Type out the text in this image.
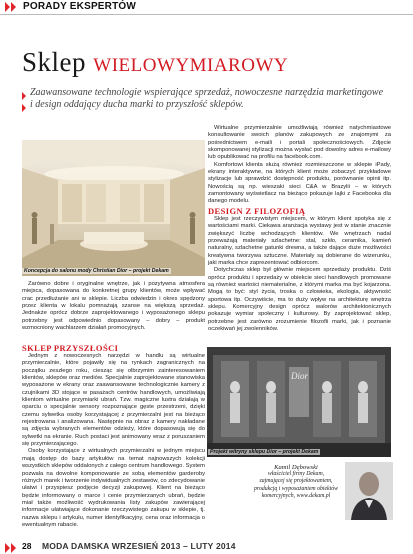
PORADY EKSPERTÓW
Sklep wielowymiarowy
Zaawansowane technologie wspierające sprzedaż, nowoczesne narzędzia marketingowe
i design oddający ducha marki to przyszłość sklepów.
Koncepcja do salonu mody Christian Dior – projekt Dekam

Zarówno dobre i oryginalne wnętrze, jak i pozytywna atmosfera miejsca, dopasowana do konkretnej grupy klientów, może wpływać crac przedłużanie ani w sklepie. Liczba odwiedzin i okres spędzony przez klienta w lokalu pomnażają szanse na większą sprzedaż. Jednakże oprócz dobrze zaprojektowanego i wyposażonego sklepu potrzebny jest odpowiednio dopasowany – dobry – produkt wzmocniony wachlarzem działań promocyjnych.

SKLEP PRZYSZŁOŚCI

Jednym z nowoczesnych narzędzi w handlu są wirtualne przymierzalnie, które pojawiły się na rynkach zagranicznych na początku zeszłego roku, ciesząc się olbrzymim zainteresowaniem klientów, sklepów oraz mediów. Specjalnie zaprojektowane stanowiska wyposażone w ekrany oraz zaawansowane technologicznie kamery z czujnikami 3D stojące w pasażach centrów handlowych, umożliwiają klientom wirtualne przymiarki ubrań. Tzw. magiczne lustra działają w oparciu o specjalnie sensory rozpoznające gęste przestrzeni, dzięki czemu sylwetka osoby korzystającej z przymierzalni jest na bieżąco rejestrowana i analizowana. Następnie na obraz z kamery nakładane są zdjęcia wybranych elementów odzieży, które dopasowują się do sylwetki na ekranie. Ruch postaci jest animowany wraz z poruszaniem się przymierzającego.

Osoby korzystające z wirtualnych przymierzalni w jednym miejscu mają dostęp do bazy artykułów na temat najnowszych kolekcji wszystkich sklepów oddalonych z całego centrum handlowego. System pozwala na dowolne komponowanie ze sobą elementów garderoby różnych marek i tworzenie indywidualnych zestawów, co zdecydowanie ułatwi i przyspiesz podjęcie decyzji zakupowej. Klient na bieżąco będzie informowany o marce i cenie przymierzanych ubrań, będzie miał także możliwość wydrukowania listy zakupów zawierającej informacje ułatwiające dokonanie rzeczywistego zakupu w sklepie, tj. nazwa sklepu i artykułu, numer identyfikacyjny, cena oraz informacja o ewentualnym rabacie.

Wirtualne przymierzalnie umożliwiają również natychmiastowe konsultowanie swoich planów zakupowych ze znajomymi za pośrednictwem e-maili i portali społecznościowych. Zdjęcie skomponowanej stylizacji można wysłać pod dowolny adres e-mailowy lub opublikować na profilu na facebook.com.

Komfortowi klienta służą również rozmieszczone w sklepie iPady, ekrany interaktywne, na których klient może zobaczyć przykładowe stylizacje lub sprawdzić dostępność produktu, porównanie opinii itp. Nowością są np. wieszaki sieci C&A w Brazylii – w których zamontowany wyświetlacz na bieżąco pokazuje lajki z Facebooka dla danego modelu.

DESIGN Z FILOZOFIĄ

Sklep jest rzeczywistym miejscem, w którym klient spotyka się z wartościami marki. Ciekawa aranżacja wystawy jest w stanie znacznie zwiększyć liczbę wchodzących klientów. We wnętrzach nadal przeważają materiały szlachetne: stal, szkło, ceramika, kamień naturalny, szlachetne gatunki drewna, a także dające duże możliwości kreatywna tworzywa sztuczne. Materiały są dobierane do wizerunku, jaki marka chce zaprezentować odbiorcom.

Dotychczas sklep był głównie miejscem sprzedaży produktu. Dziś oprócz produktu i sprzedaży w obiekcie sieci handlowych promowane są również wartości niematerialne, z którymi marka ma być kojarzona. Mogą to być: styl życia, troska o człowieka, ekologia, aktywność sportowa itp. Oczywiście, ma to duży wpływ na architekturę wnętrza sklepu. Komercyjny design oprócz walorów architektonicznych pokazuje wymiar społeczny i kulturowy. By zaprojektować sklep, potrzebne jest zarówno zrozumienie filozofii marki, jak i poznanie oczekiwań jej zwolenników.

Dior
Projekt witryny sklepu Dior – projekt Dekam
Kamil Dębowski
właściciel firmy Dekam,
zajmującej się projektowaniem,
produkcją i wyposażaniem obiektów
komercyjnych, www.dekam.pl
28 MODA DAMSKA WRZESIEŃ 2013 – LUTY 2014
